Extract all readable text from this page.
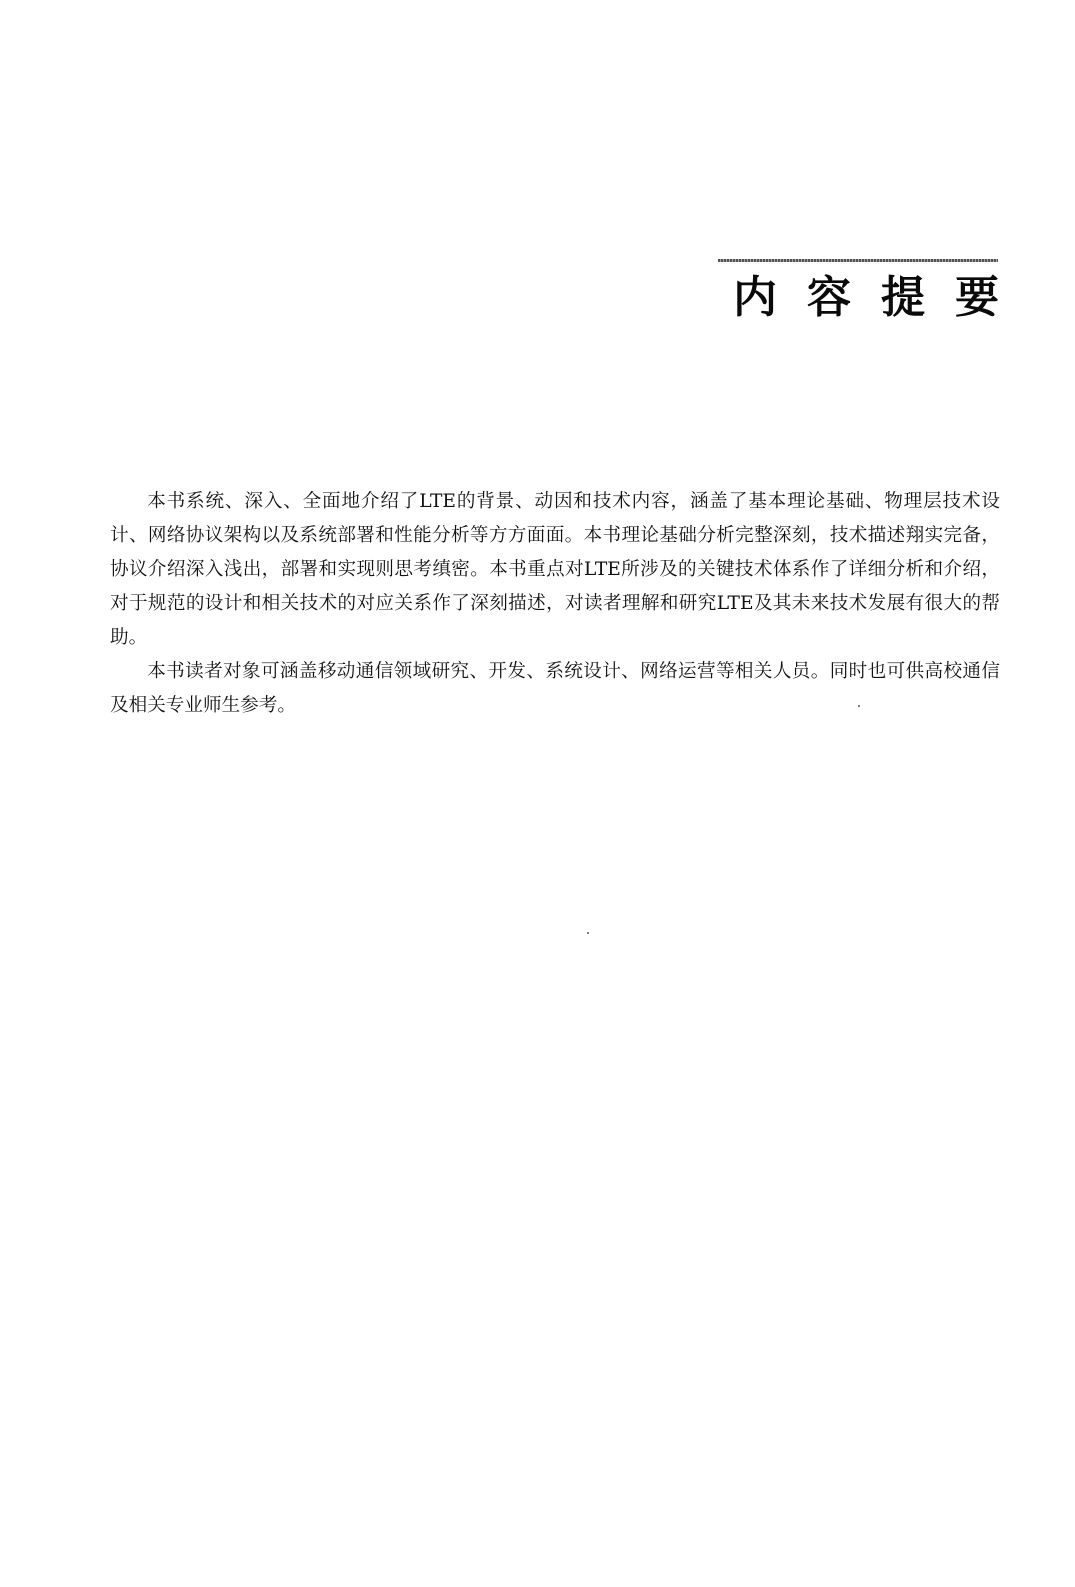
内容提要

本书系统、深入、全面地介绍了LTE的背景、动因和技术内容，涵盖了基本理论基础、物理层技术设计、网络协议架构以及系统部署和性能分析等方方面面。本书理论基础分析完整深刻，技术描述翔实完备，协议介绍深入浅出，部署和实现则思考缜密。本书重点对LTE所涉及的关键技术体系作了详细分析和介绍，对于规范的设计和相关技术的对应关系作了深刻描述，对读者理解和研究LTE及其未来技术发展有很大的帮助。

本书读者对象可涵盖移动通信领域研究、开发、系统设计、网络运营等相关人员。同时也可供高校通信及相关专业师生参考。
